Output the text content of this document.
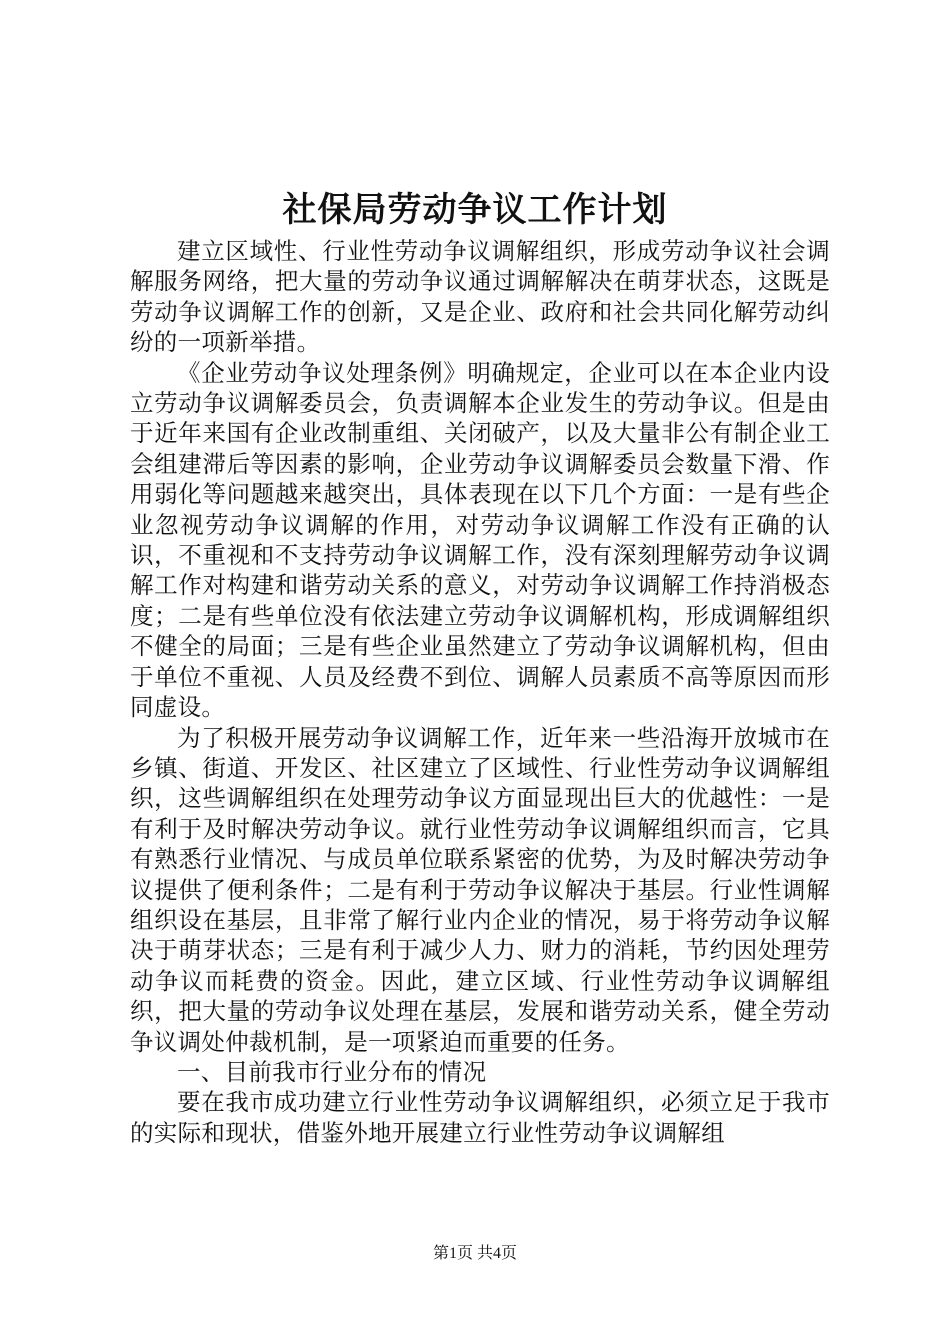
社保局劳动争议工作计划

建立区域性、行业性劳动争议调解组织，形成劳动争议社会调解服务网络，把大量的劳动争议通过调解解决在萌芽状态，这既是劳动争议调解工作的创新，又是企业、政府和社会共同化解劳动纠纷的一项新举措。

《企业劳动争议处理条例》明确规定，企业可以在本企业内设立劳动争议调解委员会，负责调解本企业发生的劳动争议。但是由于近年来国有企业改制重组、关闭破产，以及大量非公有制企业工会组建滞后等因素的影响，企业劳动争议调解委员会数量下滑、作用弱化等问题越来越突出，具体表现在以下几个方面：一是有些企业忽视劳动争议调解的作用，对劳动争议调解工作没有正确的认识，不重视和不支持劳动争议调解工作，没有深刻理解劳动争议调解工作对构建和谐劳动关系的意义，对劳动争议调解工作持消极态度；二是有些单位没有依法建立劳动争议调解机构，形成调解组织不健全的局面；三是有些企业虽然建立了劳动争议调解机构，但由于单位不重视、人员及经费不到位、调解人员素质不高等原因而形同虚设。

为了积极开展劳动争议调解工作，近年来一些沿海开放城市在乡镇、街道、开发区、社区建立了区域性、行业性劳动争议调解组织，这些调解组织在处理劳动争议方面显现出巨大的优越性：一是有利于及时解决劳动争议。就行业性劳动争议调解组织而言，它具有熟悉行业情况、与成员单位联系紧密的优势，为及时解决劳动争议提供了便利条件；二是有利于劳动争议解决于基层。行业性调解组织设在基层，且非常了解行业内企业的情况，易于将劳动争议解决于萌芽状态；三是有利于减少人力、财力的消耗，节约因处理劳动争议而耗费的资金。因此，建立区域、行业性劳动争议调解组织，把大量的劳动争议处理在基层，发展和谐劳动关系，健全劳动争议调处仲裁机制，是一项紧迫而重要的任务。

一、目前我市行业分布的情况

要在我市成功建立行业性劳动争议调解组织，必须立足于我市的实际和现状，借鉴外地开展建立行业性劳动争议调解组

第1页 共4页
